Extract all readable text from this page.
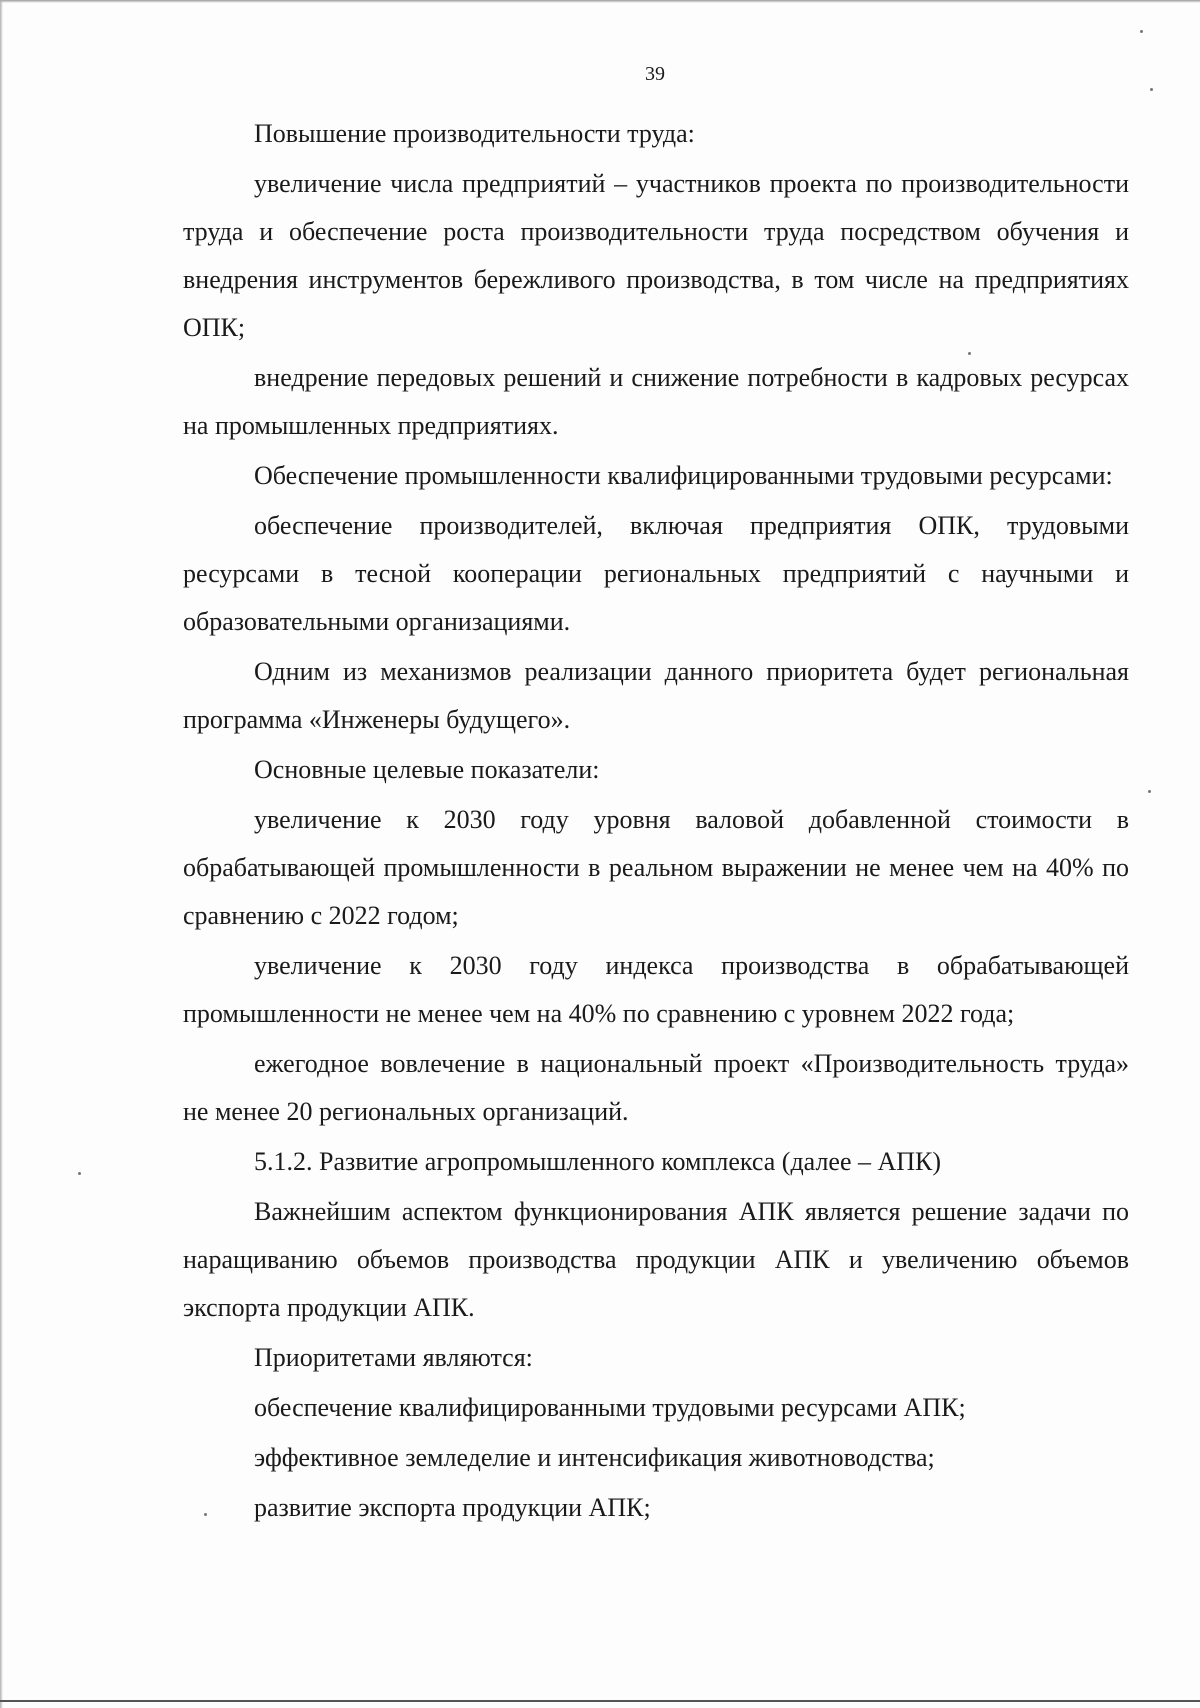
39

Повышение производительности труда:

увеличение числа предприятий – участников проекта по производительности труда и обеспечение роста производительности труда посредством обучения и внедрения инструментов бережливого производства, в том числе на предприятиях ОПК;

внедрение передовых решений и снижение потребности в кадровых ресурсах на промышленных предприятиях.

Обеспечение промышленности квалифицированными трудовыми ресурсами:

обеспечение производителей, включая предприятия ОПК, трудовыми ресурсами в тесной кооперации региональных предприятий с научными и образовательными организациями.

Одним из механизмов реализации данного приоритета будет региональная программа «Инженеры будущего».

Основные целевые показатели:

увеличение к 2030 году уровня валовой добавленной стоимости в обрабатывающей промышленности в реальном выражении не менее чем на 40% по сравнению с 2022 годом;

увеличение к 2030 году индекса производства в обрабатывающей промышленности не менее чем на 40% по сравнению с уровнем 2022 года;

ежегодное вовлечение в национальный проект «Производительность труда» не менее 20 региональных организаций.

5.1.2. Развитие агропромышленного комплекса (далее – АПК)

Важнейшим аспектом функционирования АПК является решение задачи по наращиванию объемов производства продукции АПК и увеличению объемов экспорта продукции АПК.

Приоритетами являются:

обеспечение квалифицированными трудовыми ресурсами АПК;

эффективное земледелие и интенсификация животноводства;

развитие экспорта продукции АПК;
